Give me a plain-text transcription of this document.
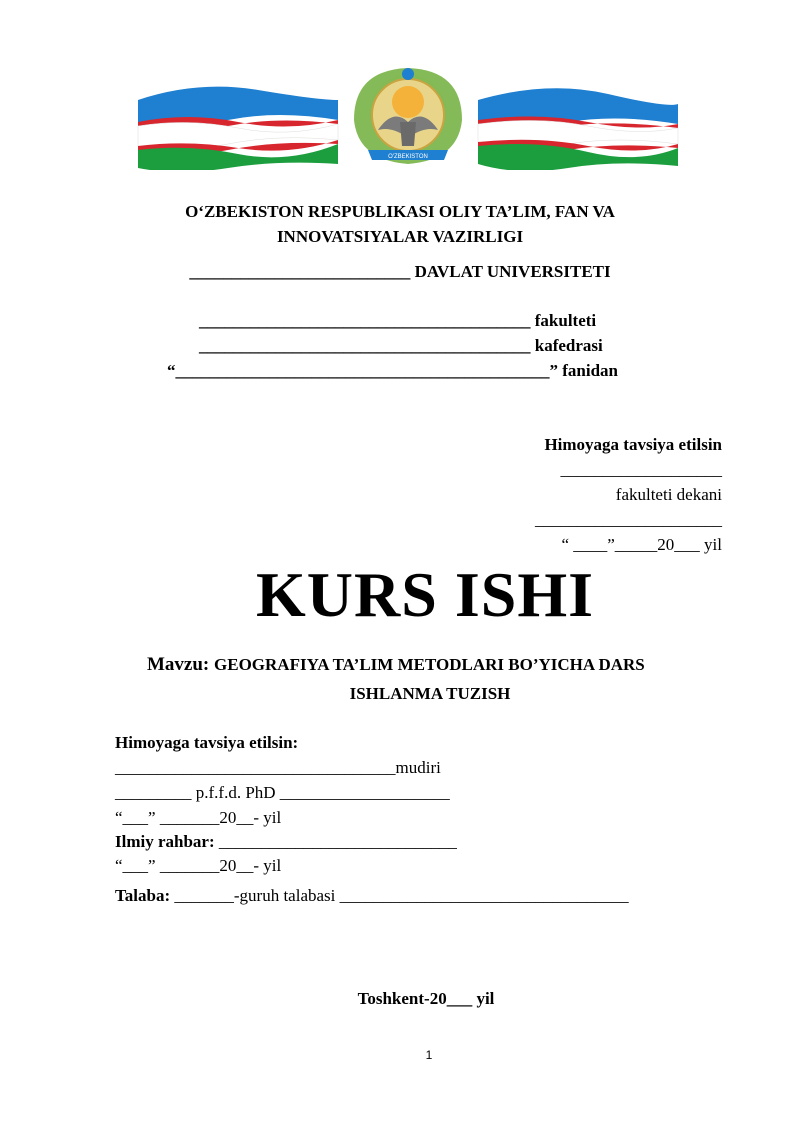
O'ZBEKISTON
O‘ZBEKISTON RESPUBLIKASI OLIY TA’LIM, FAN VA
INNOVATSIYALAR VAZIRLIGI
__________________________ DAVLAT UNIVERSITETI
_______________________________________ fakulteti
_______________________________________ kafedrasi
“____________________________________________” fanidan
Himoyaga tavsiya etilsin
___________________
fakulteti dekani
______________________
“ ____”_____20___ yil
KURS ISHI
Mavzu: GEOGRAFIYA TA’LIM METODLARI BO’YICHA DARS
ISHLANMA TUZISH
Himoyaga tavsiya etilsin:
_________________________________mudiri
_________ p.f.f.d. PhD ____________________
“___” _______20__- yil
Ilmiy rahbar: ____________________________
“___” _______20__- yil
Talaba: _______-guruh talabasi __________________________________
Toshkent-20___ yil
1
